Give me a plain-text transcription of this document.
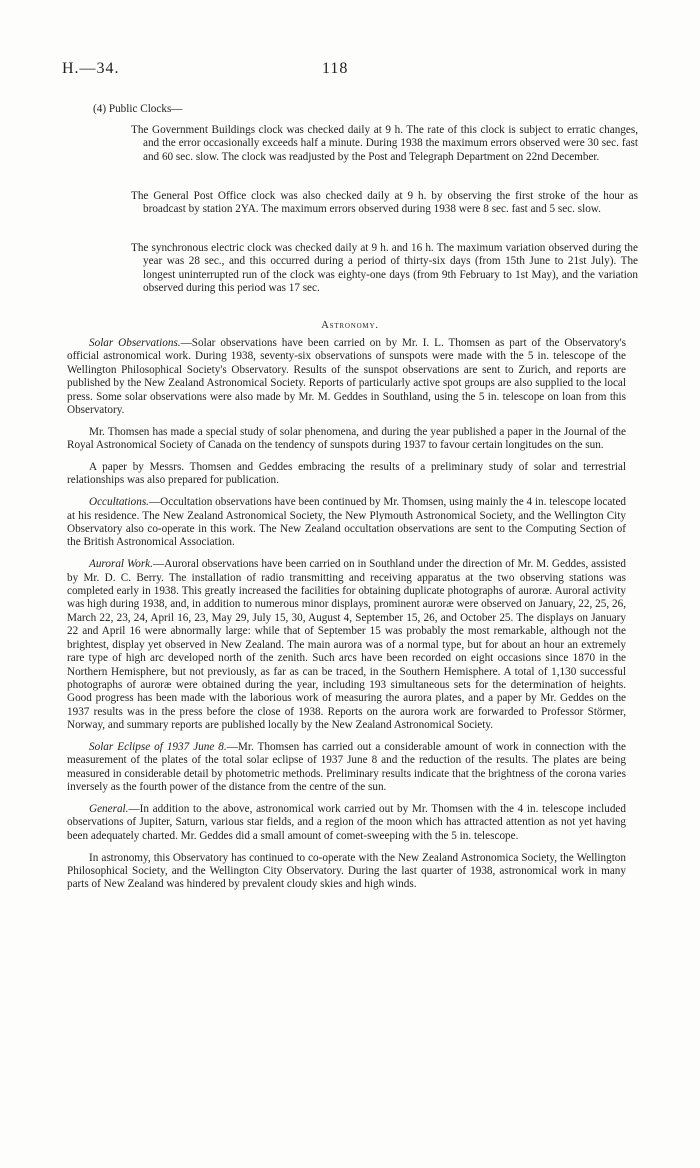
H.—34.	118
(4) Public Clocks—
The Government Buildings clock was checked daily at 9 h. The rate of this clock is subject to erratic changes, and the error occasionally exceeds half a minute. During 1938 the maximum errors observed were 30 sec. fast and 60 sec. slow. The clock was readjusted by the Post and Telegraph Department on 22nd December.
The General Post Office clock was also checked daily at 9 h. by observing the first stroke of the hour as broadcast by station 2YA. The maximum errors observed during 1938 were 8 sec. fast and 5 sec. slow.
The synchronous electric clock was checked daily at 9 h. and 16 h. The maximum variation observed during the year was 28 sec., and this occurred during a period of thirty-six days (from 15th June to 21st July). The longest uninterrupted run of the clock was eighty-one days (from 9th February to 1st May), and the variation observed during this period was 17 sec.
Astronomy.

Solar Observations.—Solar observations have been carried on by Mr. I. L. Thomsen as part of the Observatory's official astronomical work. During 1938, seventy-six observations of sunspots were made with the 5 in. telescope of the Wellington Philosophical Society's Observatory. Results of the sunspot observations are sent to Zurich, and reports are published by the New Zealand Astronomical Society. Reports of particularly active spot groups are also supplied to the local press. Some solar observations were also made by Mr. M. Geddes in Southland, using the 5 in. telescope on loan from this Observatory.

Mr. Thomsen has made a special study of solar phenomena, and during the year published a paper in the Journal of the Royal Astronomical Society of Canada on the tendency of sunspots during 1937 to favour certain longitudes on the sun.

A paper by Messrs. Thomsen and Geddes embracing the results of a preliminary study of solar and terrestrial relationships was also prepared for publication.

Occultations.—Occultation observations have been continued by Mr. Thomsen, using mainly the 4 in. telescope located at his residence. The New Zealand Astronomical Society, the New Plymouth Astronomical Society, and the Wellington City Observatory also co-operate in this work. The New Zealand occultation observations are sent to the Computing Section of the British Astronomical Association.

Auroral Work.—Auroral observations have been carried on in Southland under the direction of Mr. M. Geddes, assisted by Mr. D. C. Berry. The installation of radio transmitting and receiving apparatus at the two observing stations was completed early in 1938. This greatly increased the facilities for obtaining duplicate photographs of auroræ. Auroral activity was high during 1938, and, in addition to numerous minor displays, prominent auroræ were observed on January, 22, 25, 26, March 22, 23, 24, April 16, 23, May 29, July 15, 30, August 4, September 15, 26, and October 25. The displays on January 22 and April 16 were abnormally large: while that of September 15 was probably the most remarkable, although not the brightest, display yet observed in New Zealand. The main aurora was of a normal type, but for about an hour an extremely rare type of high arc developed north of the zenith. Such arcs have been recorded on eight occasions since 1870 in the Northern Hemisphere, but not previously, as far as can be traced, in the Southern Hemisphere. A total of 1,130 successful photographs of auroræ were obtained during the year, including 193 simultaneous sets for the determination of heights. Good progress has been made with the laborious work of measuring the aurora plates, and a paper by Mr. Geddes on the 1937 results was in the press before the close of 1938. Reports on the aurora work are forwarded to Professor Störmer, Norway, and summary reports are published locally by the New Zealand Astronomical Society.

Solar Eclipse of 1937 June 8.—Mr. Thomsen has carried out a considerable amount of work in connection with the measurement of the plates of the total solar eclipse of 1937 June 8 and the reduction of the results. The plates are being measured in considerable detail by photometric methods. Preliminary results indicate that the brightness of the corona varies inversely as the fourth power of the distance from the centre of the sun.

General.—In addition to the above, astronomical work carried out by Mr. Thomsen with the 4 in. telescope included observations of Jupiter, Saturn, various star fields, and a region of the moon which has attracted attention as not yet having been adequately charted. Mr. Geddes did a small amount of comet-sweeping with the 5 in. telescope.

In astronomy, this Observatory has continued to co-operate with the New Zealand Astronomica Society, the Wellington Philosophical Society, and the Wellington City Observatory. During the last quarter of 1938, astronomical work in many parts of New Zealand was hindered by prevalent cloudy skies and high winds.
